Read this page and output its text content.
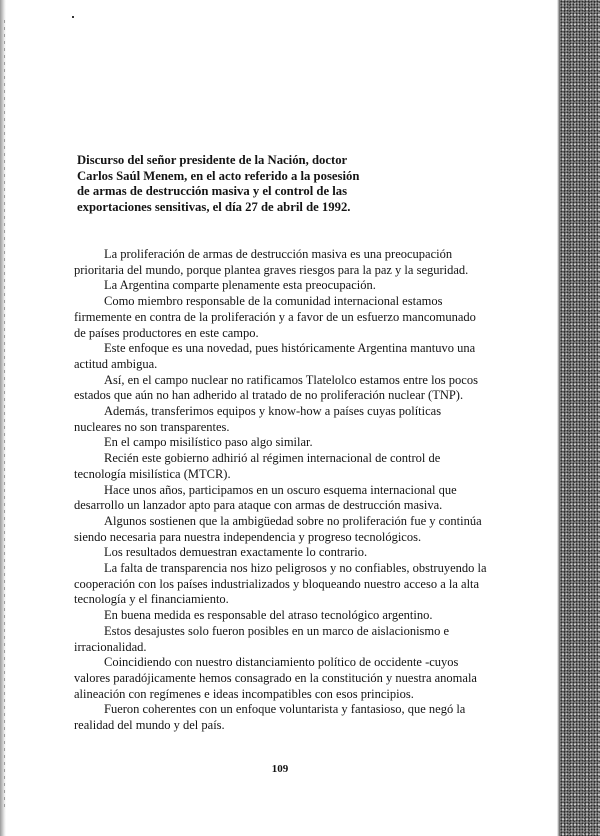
Discurso del señor presidente de la Nación, doctor Carlos Saúl Menem, en el acto referido a la posesión de armas de destrucción masiva y el control de las exportaciones sensitivas, el día 27 de abril de 1992.

La proliferación de armas de destrucción masiva es una preocupación prioritaria del mundo, porque plantea graves riesgos para la paz y la seguridad.

La Argentina comparte plenamente esta preocupación.

Como miembro responsable de la comunidad internacional estamos firmemente en contra de la proliferación y a favor de un esfuerzo mancomunado de países productores en este campo.

Este enfoque es una novedad, pues históricamente Argentina mantuvo una actitud ambigua.

Así, en el campo nuclear no ratificamos Tlatelolco estamos entre los pocos estados que aún no han adherido al tratado de no proliferación nuclear (TNP).

Además, transferimos equipos y know-how a países cuyas políticas nucleares no son transparentes.

En el campo misilístico paso algo similar.

Recién este gobierno adhirió al régimen internacional de control de tecnología misilística (MTCR).

Hace unos años, participamos en un oscuro esquema internacional que desarrollo un lanzador apto para ataque con armas de destrucción masiva.

Algunos sostienen que la ambigüedad sobre no proliferación fue y continúa siendo necesaria para nuestra independencia y progreso tecnológicos.

Los resultados demuestran exactamente lo contrario.

La falta de transparencia nos hizo peligrosos y no confiables, obstruyendo la cooperación con los países industrializados y bloqueando nuestro acceso a la alta tecnología y el financiamiento.

En buena medida es responsable del atraso tecnológico argentino.

Estos desajustes solo fueron posibles en un marco de aislacionismo e irracionalidad.

Coincidiendo con nuestro distanciamiento político de occidente -cuyos valores paradójicamente hemos consagrado en la constitución y nuestra anomala alineación con regímenes e ideas incompatibles con esos principios.

Fueron coherentes con un enfoque voluntarista y fantasioso, que negó la realidad del mundo y del país.

109
